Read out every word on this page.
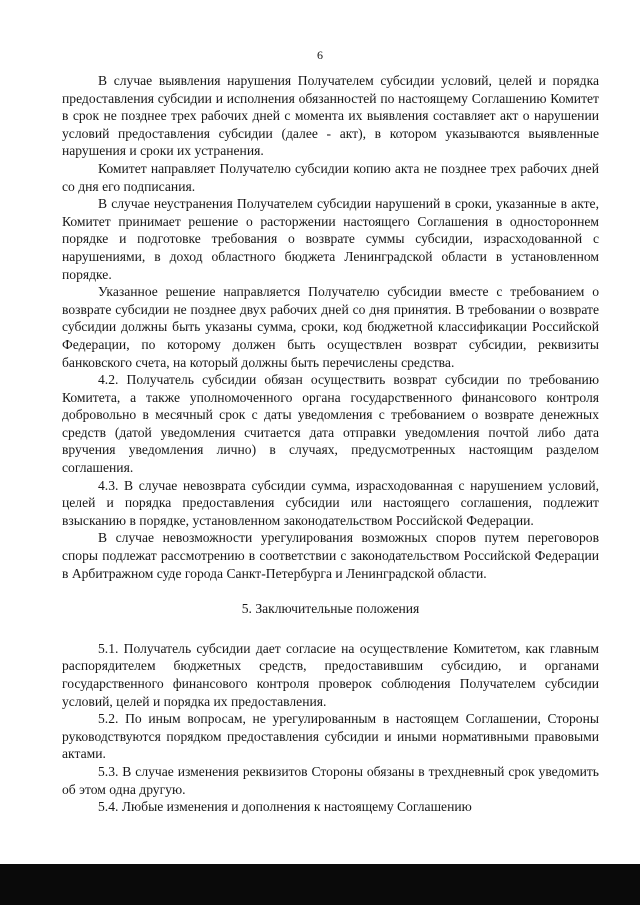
6

В случае выявления нарушения Получателем субсидии условий, целей и порядка предоставления субсидии и исполнения обязанностей по настоящему Соглашению Комитет в срок не позднее трех рабочих дней с момента их выявления составляет акт о нарушении условий предоставления субсидии (далее - акт), в котором указываются выявленные нарушения и сроки их устранения.

Комитет направляет Получателю субсидии копию акта не позднее трех рабочих дней со дня его подписания.

В случае неустранения Получателем субсидии нарушений в сроки, указанные в акте, Комитет принимает решение о расторжении настоящего Соглашения в одностороннем порядке и подготовке требования о возврате суммы субсидии, израсходованной с нарушениями, в доход областного бюджета Ленинградской области в установленном порядке.

Указанное решение направляется Получателю субсидии вместе с требованием о возврате субсидии не позднее двух рабочих дней со дня принятия. В требовании о возврате субсидии должны быть указаны сумма, сроки, код бюджетной классификации Российской Федерации, по которому должен быть осуществлен возврат субсидии, реквизиты банковского счета, на который должны быть перечислены средства.

4.2. Получатель субсидии обязан осуществить возврат субсидии по требованию Комитета, а также уполномоченного органа государственного финансового контроля добровольно в месячный срок с даты уведомления с требованием о возврате денежных средств (датой уведомления считается дата отправки уведомления почтой либо дата вручения уведомления лично) в случаях, предусмотренных настоящим разделом соглашения.

4.3. В случае невозврата субсидии сумма, израсходованная с нарушением условий, целей и порядка предоставления субсидии или настоящего соглашения, подлежит взысканию в порядке, установленном законодательством Российской Федерации.

В случае невозможности урегулирования возможных споров путем переговоров споры подлежат рассмотрению в соответствии с законодательством Российской Федерации в Арбитражном суде города Санкт-Петербурга и Ленинградской области.

5. Заключительные положения

5.1. Получатель субсидии дает согласие на осуществление Комитетом, как главным распорядителем бюджетных средств, предоставившим субсидию, и органами государственного финансового контроля проверок соблюдения Получателем субсидии условий, целей и порядка их предоставления.

5.2. По иным вопросам, не урегулированным в настоящем Соглашении, Стороны руководствуются порядком предоставления субсидии и иными нормативными правовыми актами.

5.3. В случае изменения реквизитов Стороны обязаны в трехдневный срок уведомить об этом одна другую.

5.4. Любые изменения и дополнения к настоящему Соглашению
